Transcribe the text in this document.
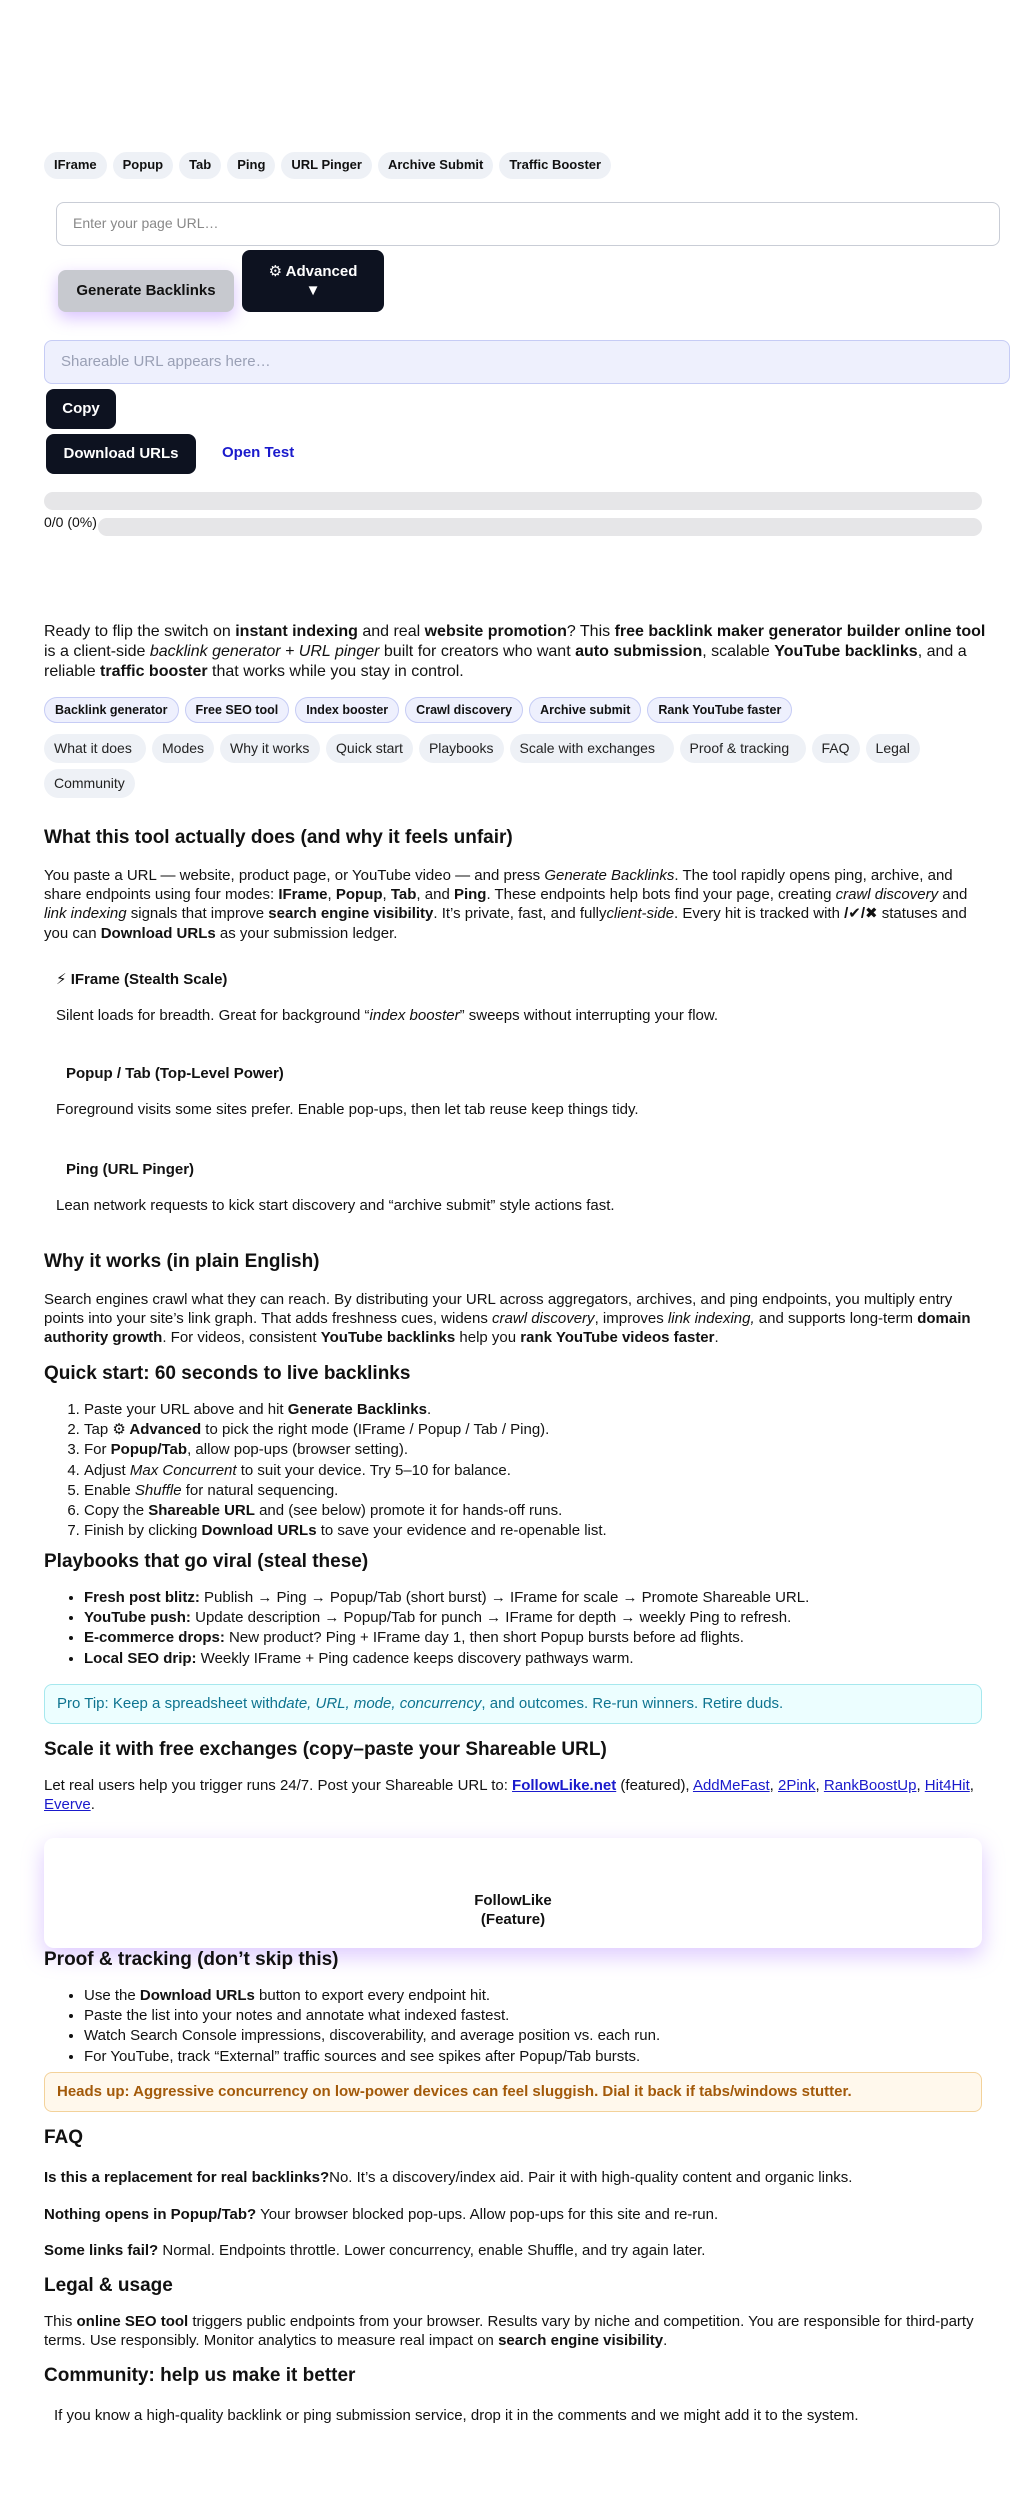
IFrame	Popup	Tab	Ping	URL Pinger	Archive Submit	Traffic Booster
Enter your page URL…
Generate Backlinks
⚙ Advanced
▼
Shareable URL appears here…
Copy
Download URLs	Open Test
0/0 (0%)

Ready to flip the switch on instant indexing and real website promotion? This free backlink maker generator builder online tool is a client-side backlink generator + URL pinger built for creators who want auto submission, scalable YouTube backlinks, and a reliable traffic booster that works while you stay in control.

Backlink generator	Free SEO tool	Index booster	Crawl discovery	Archive submit	Rank YouTube faster
What it does	Modes	Why it works	Quick start	Playbooks	Scale with exchanges	Proof & tracking	FAQ	Legal
Community
What this tool actually does (and why it feels unfair)

You paste a URL — website, product page, or YouTube video — and press Generate Backlinks. The tool rapidly opens ping, archive, and share endpoints using four modes: IFrame, Popup, Tab, and Ping. These endpoints help bots find your page, creating crawl discovery and link indexing signals that improve search engine visibility. It’s private, fast, and fullyclient-side. Every hit is tracked with /✔/✖ statuses and you can Download URLs as your submission ledger.

⚡ IFrame (Stealth Scale)

Silent loads for breadth. Great for background “index booster” sweeps without interrupting your flow.

Popup / Tab (Top-Level Power)

Foreground visits some sites prefer. Enable pop-ups, then let tab reuse keep things tidy.

Ping (URL Pinger)

Lean network requests to kick start discovery and “archive submit” style actions fast.

Why it works (in plain English)

Search engines crawl what they can reach. By distributing your URL across aggregators, archives, and ping endpoints, you multiply entry points into your site’s link graph. That adds freshness cues, widens crawl discovery, improves link indexing, and supports long-term domain authority growth. For videos, consistent YouTube backlinks help you rank YouTube videos faster.

Quick start: 60 seconds to live backlinks
1. Paste your URL above and hit Generate Backlinks.
2. Tap ⚙ Advanced to pick the right mode (IFrame / Popup / Tab / Ping).
3. For Popup/Tab, allow pop-ups (browser setting).
4. Adjust Max Concurrent to suit your device. Try 5–10 for balance.
5. Enable Shuffle for natural sequencing.
6. Copy the Shareable URL and (see below) promote it for hands-off runs.
7. Finish by clicking Download URLs to save your evidence and re-openable list.
Playbooks that go viral (steal these)
• Fresh post blitz: Publish → Ping → Popup/Tab (short burst) → IFrame for scale → Promote Shareable URL.
• YouTube push: Update description → Popup/Tab for punch → IFrame for depth → weekly Ping to refresh.
• E-commerce drops: New product? Ping + IFrame day 1, then short Popup bursts before ad flights.
• Local SEO drip: Weekly IFrame + Ping cadence keeps discovery pathways warm.
Pro Tip: Keep a spreadsheet with date, URL, mode, concurrency , and outcomes. Re-run winners. Retire duds.
Scale it with free exchanges (copy–paste your Shareable URL)

Let real users help you trigger runs 24/7. Post your Shareable URL to: FollowLike.net (featured), AddMeFast, 2Pink, RankBoostUp, Hit4Hit, Everve.

FollowLike
(Feature)
Proof & tracking (don’t skip this)
• Use the Download URLs button to export every endpoint hit.
• Paste the list into your notes and annotate what indexed fastest.
• Watch Search Console impressions, discoverability, and average position vs. each run.
• For YouTube, track “External” traffic sources and see spikes after Popup/Tab bursts.
Heads up: Aggressive concurrency on low-power devices can feel sluggish. Dial it back if tabs/windows stutter.
FAQ

Is this a replacement for real backlinks?No. It’s a discovery/index aid. Pair it with high-quality content and organic links.

Nothing opens in Popup/Tab? Your browser blocked pop-ups. Allow pop-ups for this site and re-run.

Some links fail? Normal. Endpoints throttle. Lower concurrency, enable Shuffle, and try again later.

Legal & usage

This online SEO tool triggers public endpoints from your browser. Results vary by niche and competition. You are responsible for third-party terms. Use responsibly. Monitor analytics to measure real impact on search engine visibility.

Community: help us make it better

If you know a high-quality backlink or ping submission service, drop it in the comments and we might add it to the system.
